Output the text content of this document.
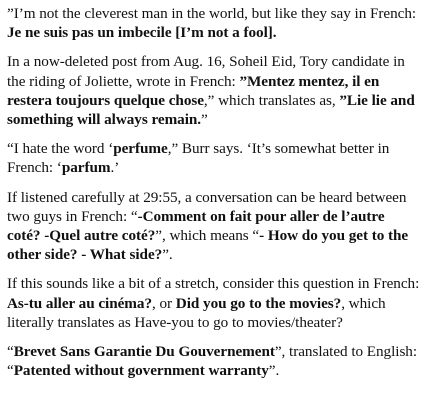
”I’m not the cleverest man in the world, but like they say in French: Je ne suis pas un imbecile [I’m not a fool].

In a now-deleted post from Aug. 16, Soheil Eid, Tory candidate in the riding of Joliette, wrote in French: ”Mentez mentez, il en restera toujours quelque chose,” which translates as, ”Lie lie and something will always remain.”

“I hate the word ‘perfume,” Burr says. ‘It’s somewhat better in French: ‘parfum.’

If listened carefully at 29:55, a conversation can be heard between two guys in French: “-Comment on fait pour aller de l’autre coté? -Quel autre coté?”, which means “- How do you get to the other side? - What side?”.

If this sounds like a bit of a stretch, consider this question in French: As-tu aller au cinéma?, or Did you go to the movies?, which literally translates as Have-you to go to movies/theater?

“Brevet Sans Garantie Du Gouvernement”, translated to English: “Patented without government warranty”.
